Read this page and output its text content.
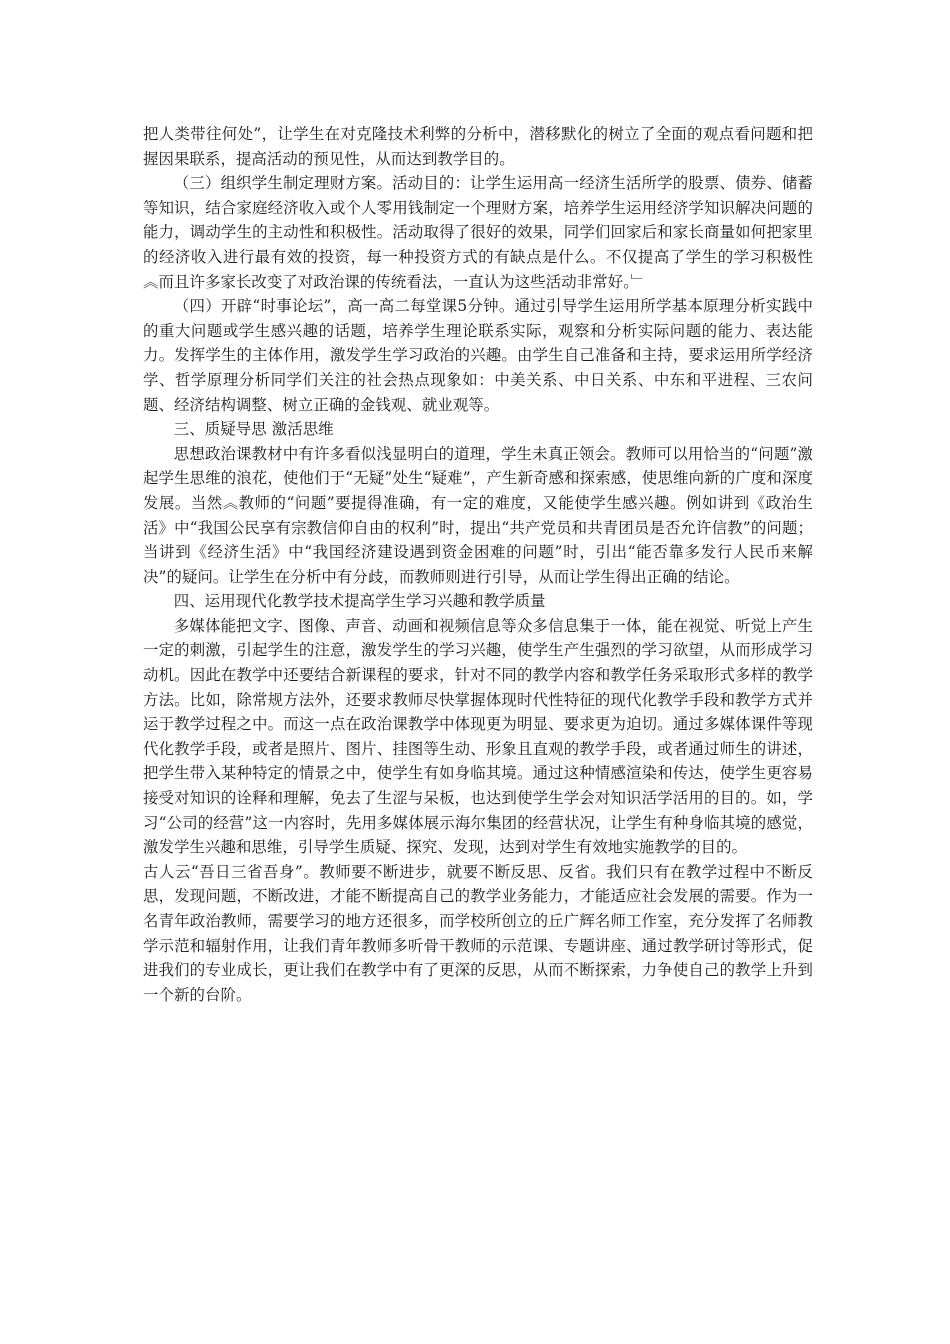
把人类带往何处”，让学生在对克隆技术利弊的分析中，潜移默化的树立了全面的观点看问题和把握因果联系，提高活动的预见性，从而达到教学目的。

（三）组织学生制定理财方案。活动目的：让学生运用高一经济生活所学的股票、债券、储蓄等知识，结合家庭经济收入或个人零用钱制定一个理财方案，培养学生运用经济学知识解决问题的能力，调动学生的主动性和积极性。活动取得了很好的效果，同学们回家后和家长商量如何把家里的经济收入进行最有效的投资，每一种投资方式的有缺点是什么。不仅提高了学生的学习积极性︽而且许多家长改变了对政治课的传统看法，一直认为这些活动非常好。﹂

（四）开辟“时事论坛”，高一高二每堂课5分钟。通过引导学生运用所学基本原理分析实践中的重大问题或学生感兴趣的话题，培养学生理论联系实际，观察和分析实际问题的能力、表达能力。发挥学生的主体作用，激发学生学习政治的兴趣。由学生自己准备和主持，要求运用所学经济学、哲学原理分析同学们关注的社会热点现象如：中美关系、中日关系、中东和平进程、三农问题、经济结构调整、树立正确的金钱观、就业观等。

三、质疑导思 激活思维

思想政治课教材中有许多看似浅显明白的道理，学生未真正领会。教师可以用恰当的“问题”激起学生思维的浪花，使他们于“无疑”处生“疑难”，产生新奇感和探索感，使思维向新的广度和深度发展。当然︽教师的“问题”要提得准确，有一定的难度，又能使学生感兴趣。例如讲到《政治生活》中“我国公民享有宗教信仰自由的权利”时，提出“共产党员和共青团员是否允许信教”的问题；当讲到《经济生活》中“我国经济建设遇到资金困难的问题”时，引出“能否靠多发行人民币来解决”的疑问。让学生在分析中有分歧，而教师则进行引导，从而让学生得出正确的结论。

四、运用现代化教学技术提高学生学习兴趣和教学质量

多媒体能把文字、图像、声音、动画和视频信息等众多信息集于一体，能在视觉、听觉上产生一定的刺激，引起学生的注意，激发学生的学习兴趣，使学生产生强烈的学习欲望，从而形成学习动机。因此在教学中还要结合新课程的要求，针对不同的教学内容和教学任务采取形式多样的教学方法。比如，除常规方法外，还要求教师尽快掌握体现时代性特征的现代化教学手段和教学方式并运于教学过程之中。而这一点在政治课教学中体现更为明显、要求更为迫切。通过多媒体课件等现代化教学手段，或者是照片、图片、挂图等生动、形象且直观的教学手段，或者通过师生的讲述，把学生带入某种特定的情景之中，使学生有如身临其境。通过这种情感渲染和传达，使学生更容易接受对知识的诠释和理解，免去了生涩与呆板，也达到使学生学会对知识活学活用的目的。如，学习“公司的经营”这一内容时，先用多媒体展示海尔集团的经营状况，让学生有种身临其境的感觉，激发学生兴趣和思维，引导学生质疑、探究、发现，达到对学生有效地实施教学的目的。

古人云“吾日三省吾身”。教师要不断进步，就要不断反思、反省。我们只有在教学过程中不断反思，发现问题，不断改进，才能不断提高自己的教学业务能力，才能适应社会发展的需要。作为一名青年政治教师，需要学习的地方还很多，而学校所创立的丘广辉名师工作室，充分发挥了名师教学示范和辐射作用，让我们青年教师多听骨干教师的示范课、专题讲座、通过教学研讨等形式，促进我们的专业成长，更让我们在教学中有了更深的反思，从而不断探索，力争使自己的教学上升到一个新的台阶。
